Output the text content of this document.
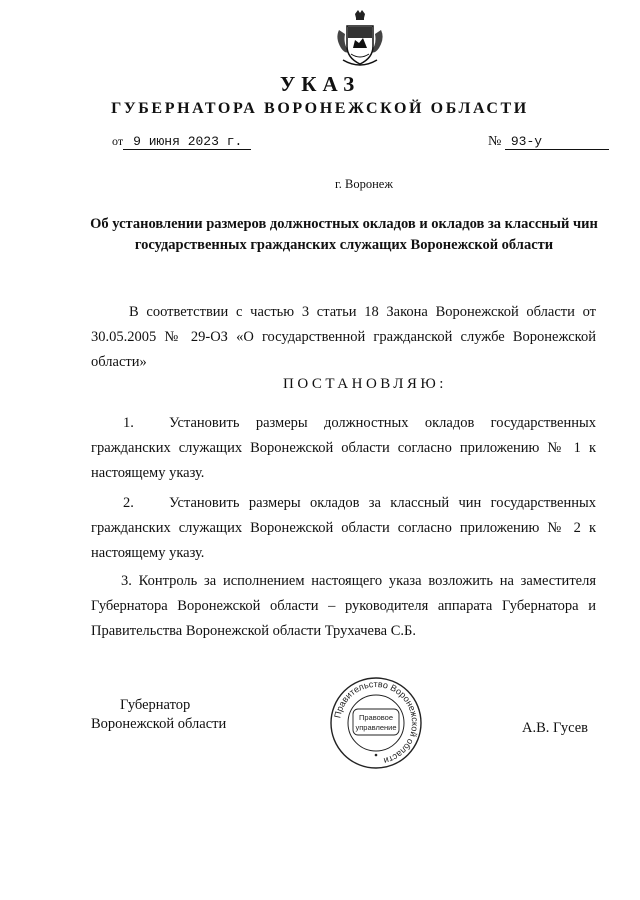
УКАЗ
ГУБЕРНАТОРА ВОРОНЕЖСКОЙ ОБЛАСТИ
от 9 июня 2023 г.	№ 93-у
г. Воронеж
Об установлении размеров должностных окладов и окладов за классный чин государственных гражданских служащих Воронежской области
В соответствии с частью 3 статьи 18 Закона Воронежской области от 30.05.2005 № 29-ОЗ «О государственной гражданской службе Воронежской области»
ПОСТАНОВЛЯЮ:
1. Установить размеры должностных окладов государственных гражданских служащих Воронежской области согласно приложению № 1 к настоящему указу.
2. Установить размеры окладов за классный чин государственных гражданских служащих Воронежской области согласно приложению № 2 к настоящему указу.
3. Контроль за исполнением настоящего указа возложить на заместителя Губернатора Воронежской области – руководителя аппарата Губернатора и Правительства Воронежской области Трухачева С.Б.
Губернатор
Воронежской области
Правительство Воронежской области
Правовое
управление	А.В. Гусев
